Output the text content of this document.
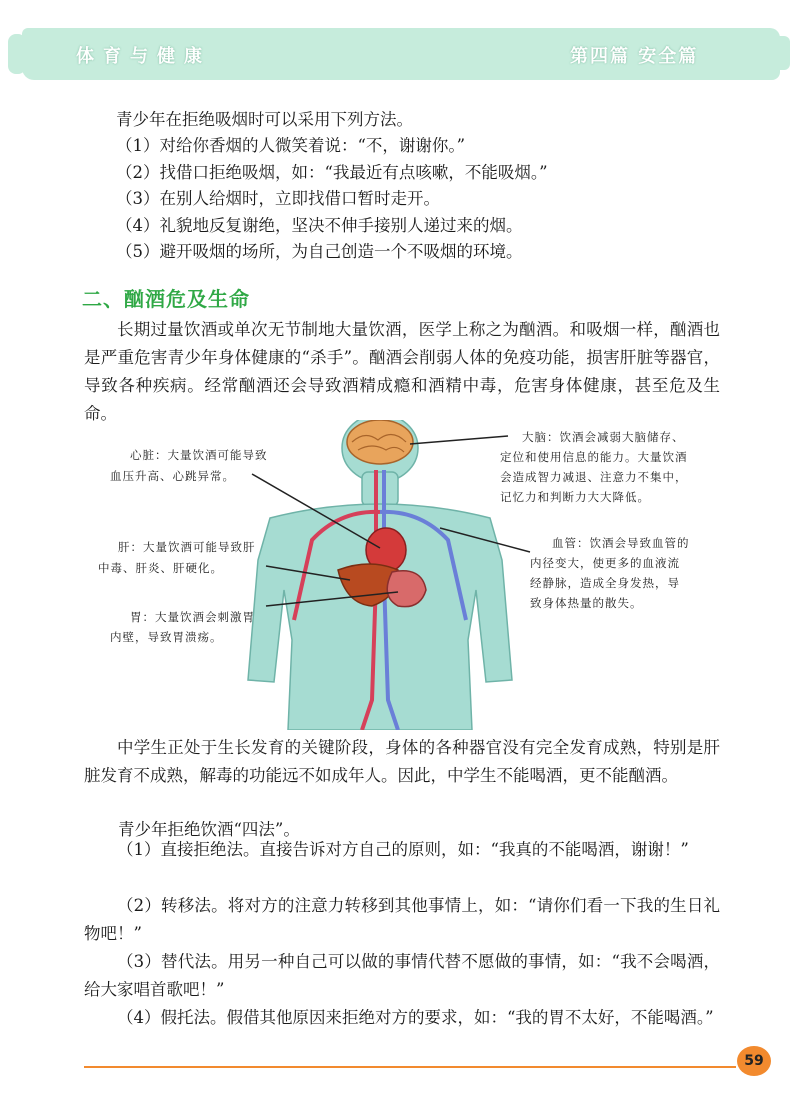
体育与健康	第四篇 安全篇
青少年在拒绝吸烟时可以采用下列方法。
（1）对给你香烟的人微笑着说：“不，谢谢你。”
（2）找借口拒绝吸烟，如：“我最近有点咳嗽，不能吸烟。”
（3）在别人给烟时，立即找借口暂时走开。
（4）礼貌地反复谢绝，坚决不伸手接别人递过来的烟。
（5）避开吸烟的场所，为自己创造一个不吸烟的环境。
二、酗酒危及生命
长期过量饮酒或单次无节制地大量饮酒，医学上称之为酗酒。和吸烟一样，酗酒也是严重危害青少年身体健康的“杀手”。酗酒会削弱人体的免疫功能，损害肝脏等器官，导致各种疾病。经常酗酒还会导致酒精成瘾和酒精中毒，危害身体健康，甚至危及生命。
心脏：大量饮酒可能导致
血压升高、心跳异常。
肝：大量饮酒可能导致肝
中毒、肝炎、肝硬化。
胃：大量饮酒会刺激胃
内壁，导致胃溃疡。
大脑：饮酒会减弱大脑储存、
定位和使用信息的能力。大量饮酒
会造成智力减退、注意力不集中，
记忆力和判断力大大降低。
血管：饮酒会导致血管的
内径变大，使更多的血液流
经静脉，造成全身发热，导
致身体热量的散失。
中学生正处于生长发育的关键阶段，身体的各种器官没有完全发育成熟，特别是肝脏发育不成熟，解毒的功能远不如成年人。因此，中学生不能喝酒，更不能酗酒。
青少年拒绝饮酒“四法”。
（1）直接拒绝法。直接告诉对方自己的原则，如：“我真的不能喝酒，谢谢！”
（2）转移法。将对方的注意力转移到其他事情上，如：“请你们看一下我的生日礼物吧！”
（3）替代法。用另一种自己可以做的事情代替不愿做的事情，如：“我不会喝酒，给大家唱首歌吧！”
（4）假托法。假借其他原因来拒绝对方的要求，如：“我的胃不太好，不能喝酒。”
59
